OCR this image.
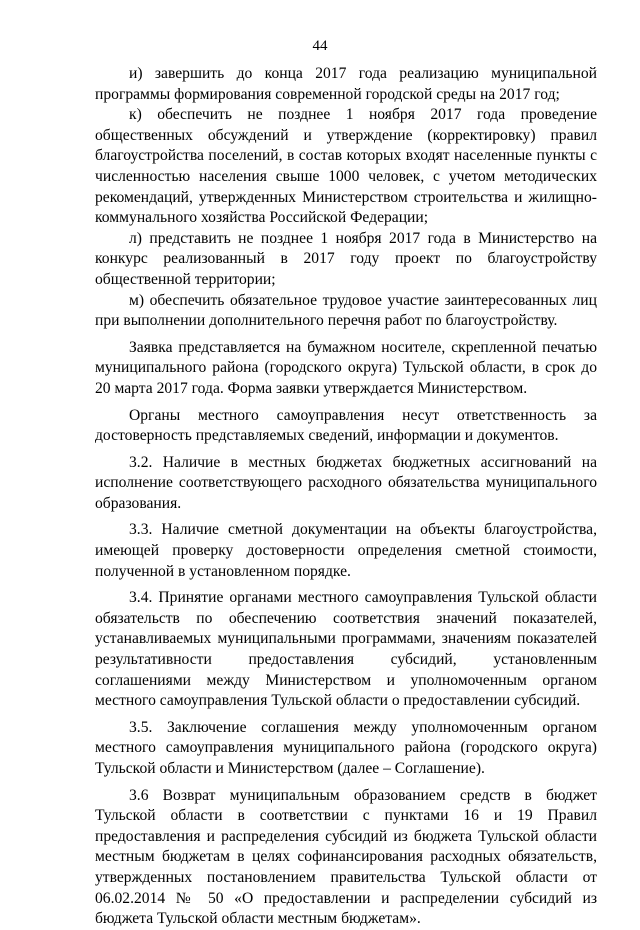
44

и) завершить до конца 2017 года реализацию муниципальной программы формирования современной городской среды на 2017 год;

к) обеспечить не позднее 1 ноября 2017 года проведение общественных обсуждений и утверждение (корректировку) правил благоустройства поселений, в состав которых входят населенные пункты с численностью населения свыше 1000 человек, с учетом методических рекомендаций, утвержденных Министерством строительства и жилищно-коммунального хозяйства Российской Федерации;

л) представить не позднее 1 ноября 2017 года в Министерство на конкурс реализованный в 2017 году проект по благоустройству общественной территории;

м) обеспечить обязательное трудовое участие заинтересованных лиц при выполнении дополнительного перечня работ по благоустройству.

Заявка представляется на бумажном носителе, скрепленной печатью муниципального района (городского округа) Тульской области, в срок до 20 марта 2017 года. Форма заявки утверждается Министерством.

Органы местного самоуправления несут ответственность за достоверность представляемых сведений, информации и документов.

3.2. Наличие в местных бюджетах бюджетных ассигнований на исполнение соответствующего расходного обязательства муниципального образования.

3.3. Наличие сметной документации на объекты благоустройства, имеющей проверку достоверности определения сметной стоимости, полученной в установленном порядке.

3.4. Принятие органами местного самоуправления Тульской области обязательств по обеспечению соответствия значений показателей, устанавливаемых муниципальными программами, значениям показателей результативности предоставления субсидий, установленным соглашениями между Министерством и уполномоченным органом местного самоуправления Тульской области о предоставлении субсидий.

3.5. Заключение соглашения между уполномоченным органом местного самоуправления муниципального района (городского округа) Тульской области и Министерством (далее – Соглашение).

3.6 Возврат муниципальным образованием средств в бюджет Тульской области в соответствии с пунктами 16 и 19 Правил предоставления и распределения субсидий из бюджета Тульской области местным бюджетам в целях софинансирования расходных обязательств, утвержденных постановлением правительства Тульской области от 06.02.2014 № 50 «О предоставлении и распределении субсидий из бюджета Тульской области местным бюджетам».
